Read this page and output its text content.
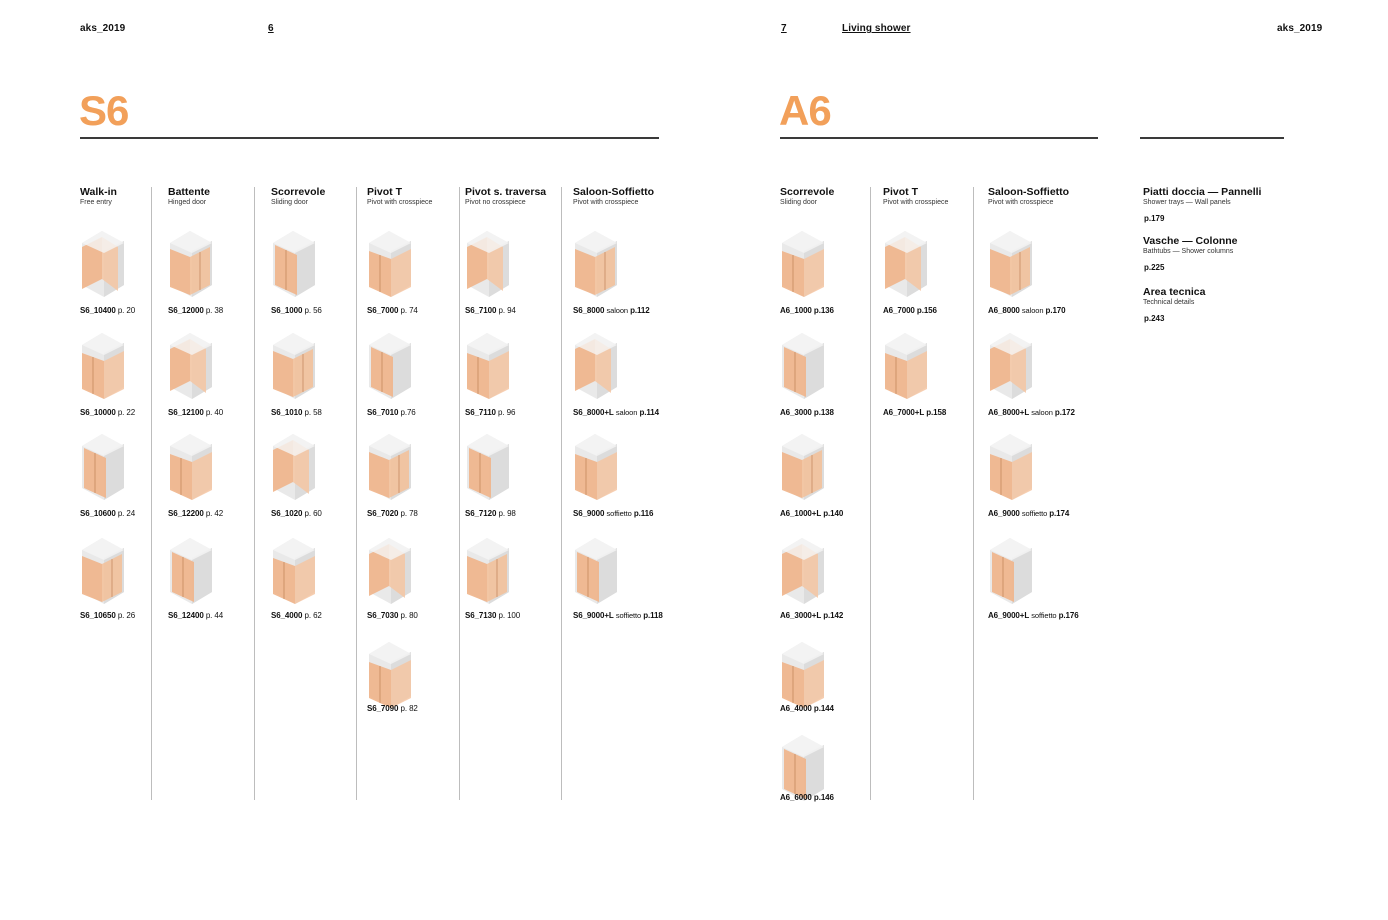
aks_2019	6	7	Living shower	aks_2019
S6	A6
Walk-in
Free entry
S6_10400 p. 20
S6_10000 p. 22
S6_10600 p. 24
S6_10650 p. 26
Battente
Hinged door
S6_12000 p. 38
S6_12100 p. 40
S6_12200 p. 42
S6_12400 p. 44
Scorrevole
Sliding door
S6_1000 p. 56
S6_1010 p. 58
S6_1020 p. 60
S6_4000 p. 62
Pivot T
Pivot with crosspiece
S6_7000 p. 74
S6_7010 p.76
S6_7020 p. 78
S6_7030 p. 80
S6_7090 p. 82
Pivot s. traversa
Pivot no crosspiece
S6_7100 p. 94
S6_7110 p. 96
S6_7120 p. 98
S6_7130 p. 100
Saloon-Soffietto
Pivot with crosspiece
S6_8000 saloon p.112
S6_8000+L saloon p.114
S6_9000 soffietto p.116
S6_9000+L soffietto p.118
Scorrevole
Sliding door
A6_1000 p.136
A6_3000 p.138
A6_1000+L p.140
A6_3000+L p.142
A6_4000 p.144
A6_6000 p.146
Pivot T
Pivot with crosspiece
A6_7000 p.156
A6_7000+L p.158
Saloon-Soffietto
Pivot with crosspiece
A6_8000 saloon p.170
A6_8000+L saloon p.172
A6_9000 soffietto p.174
A6_9000+L soffietto p.176
Piatti doccia — Pannelli
Shower trays — Wall panels
p.179
Vasche — Colonne
Bathtubs — Shower columns
p.225
Area tecnica
Technical details
p.243
